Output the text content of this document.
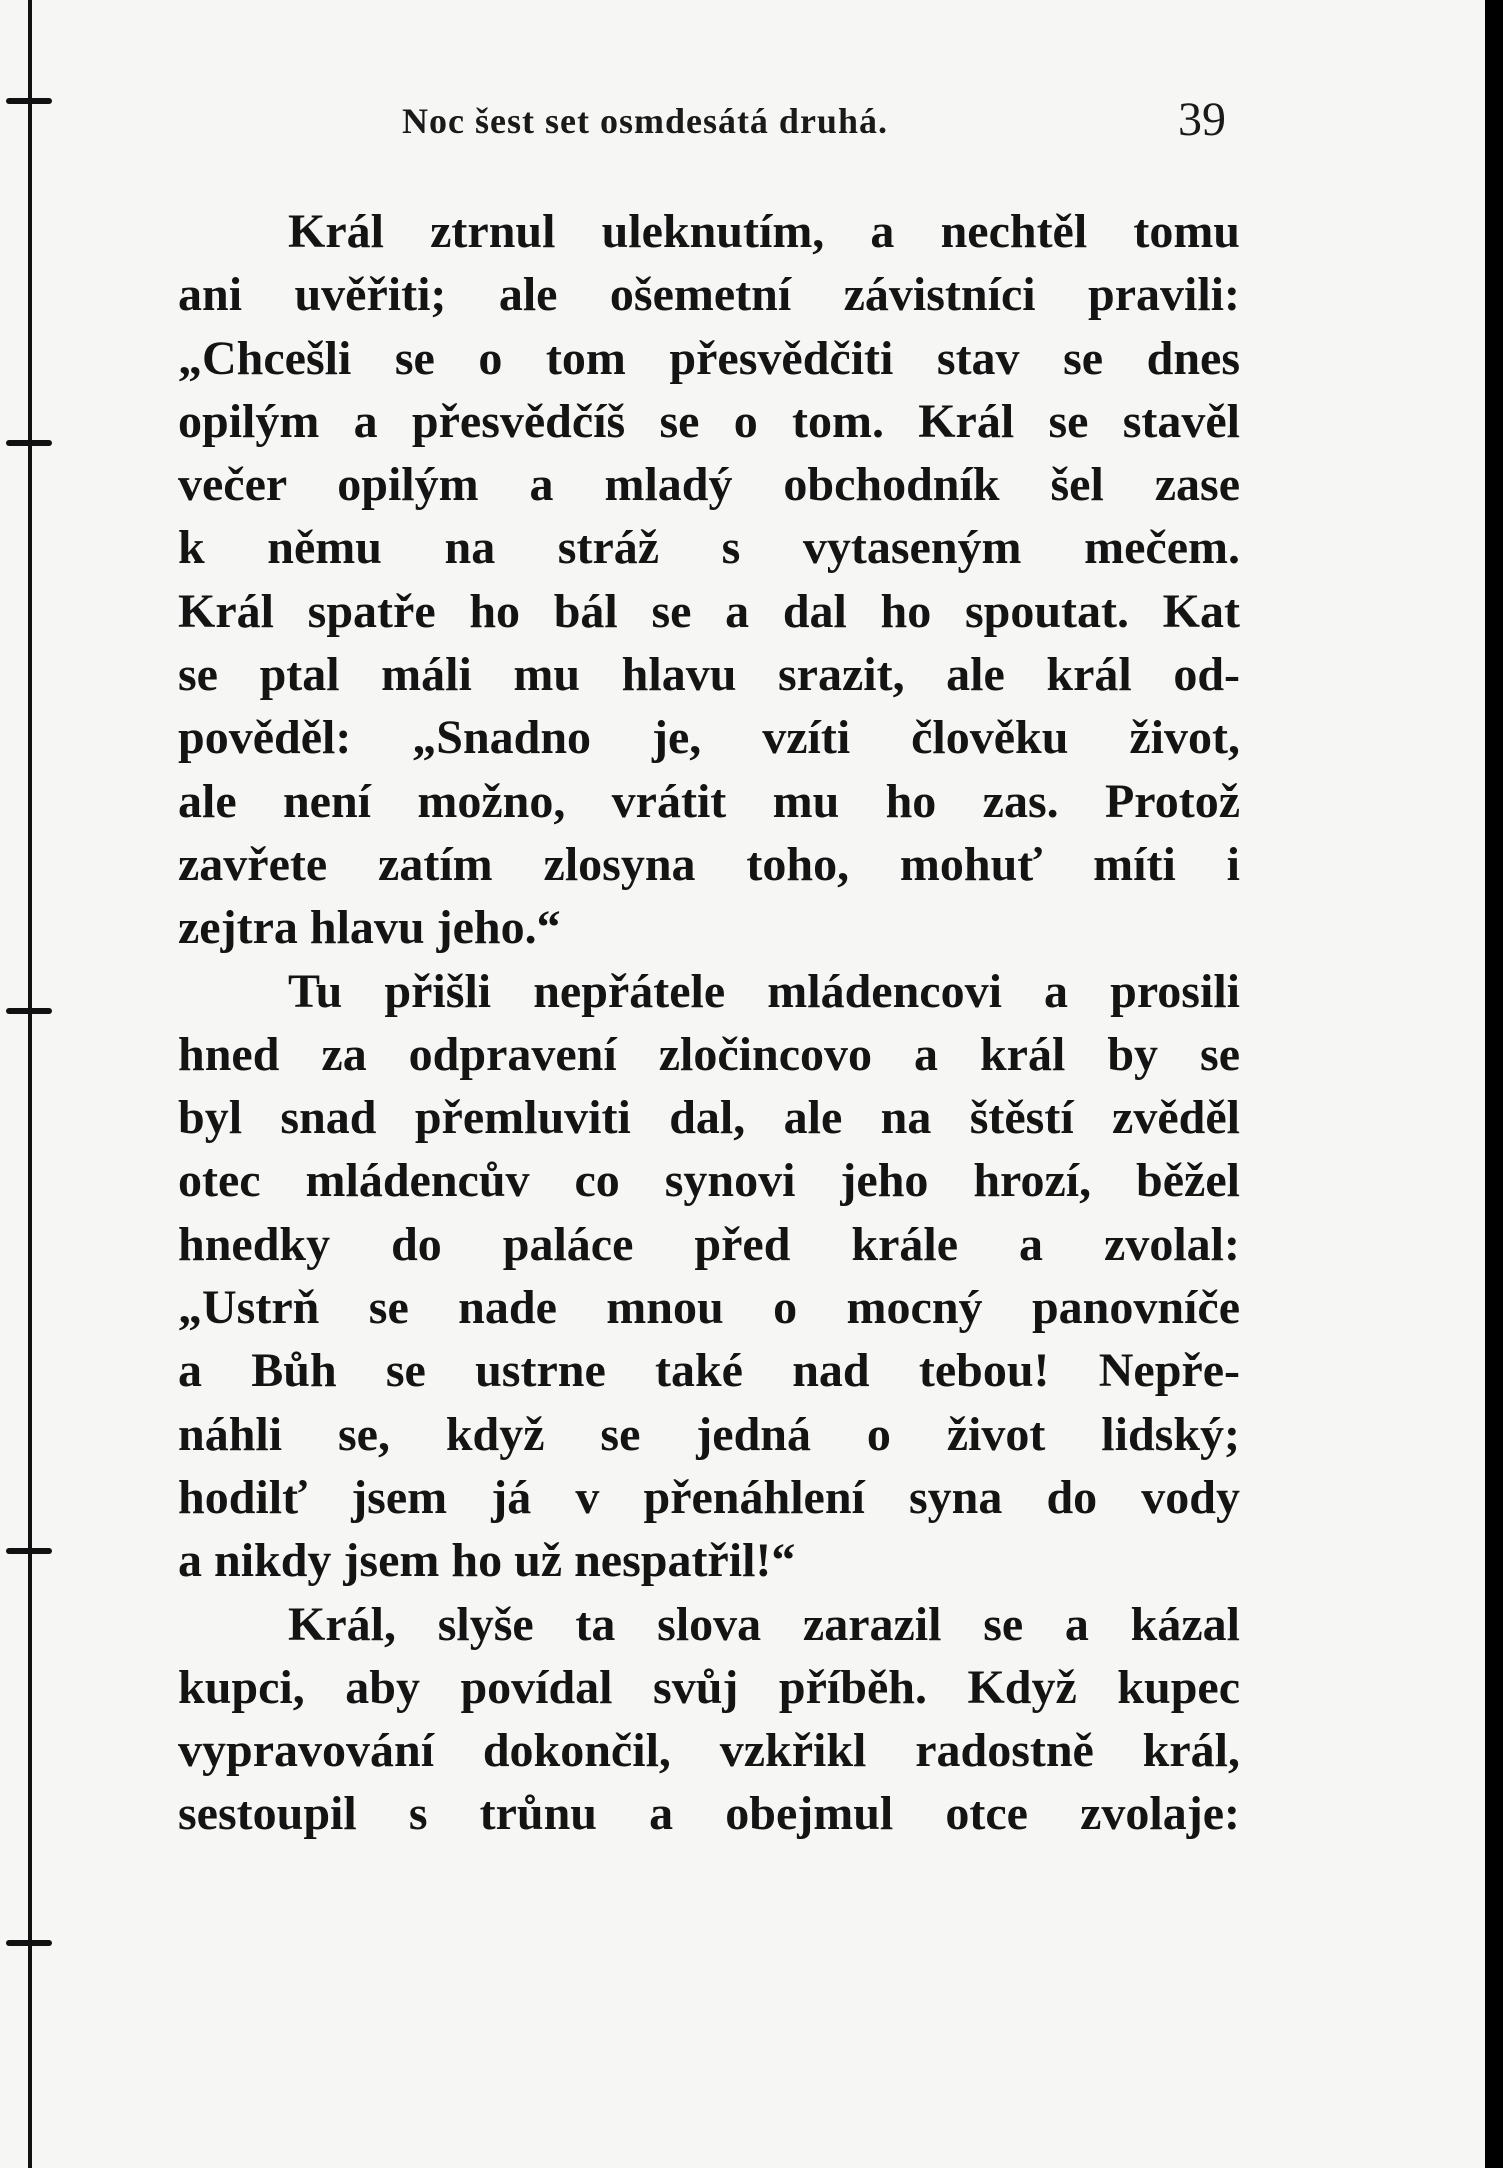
Noc šest set osmdesátá druhá.	39
Král ztrnul uleknutím, a nechtěl tomu
ani uvěřiti; ale ošemetní závistníci pravili:
„Chcešli se o tom přesvědčiti stav se dnes
opilým a přesvědčíš se o tom. Král se stavěl
večer opilým a mladý obchodník šel zase
k němu na stráž s vytaseným mečem.
Král spatře ho bál se a dal ho spoutat. Kat
se ptal máli mu hlavu srazit, ale král od-
pověděl: „Snadno je, vzíti člověku život,
ale není možno, vrátit mu ho zas. Protož
zavřete zatím zlosyna toho, mohuť míti i
zejtra hlavu jeho.“
Tu přišli nepřátele mládencovi a prosili
hned za odpravení zločincovo a král by se
byl snad přemluviti dal, ale na štěstí zvěděl
otec mládencův co synovi jeho hrozí, běžel
hnedky do paláce před krále a zvolal:
„Ustrň se nade mnou o mocný panovníče
a Bůh se ustrne také nad tebou! Nepře-
náhli se, když se jedná o život lidský;
hodilť jsem já v přenáhlení syna do vody
a nikdy jsem ho už nespatřil!“
Král, slyše ta slova zarazil se a kázal
kupci, aby povídal svůj příběh. Když kupec
vypravování dokončil, vzkřikl radostně král,
sestoupil s trůnu a obejmul otce zvolaje:
